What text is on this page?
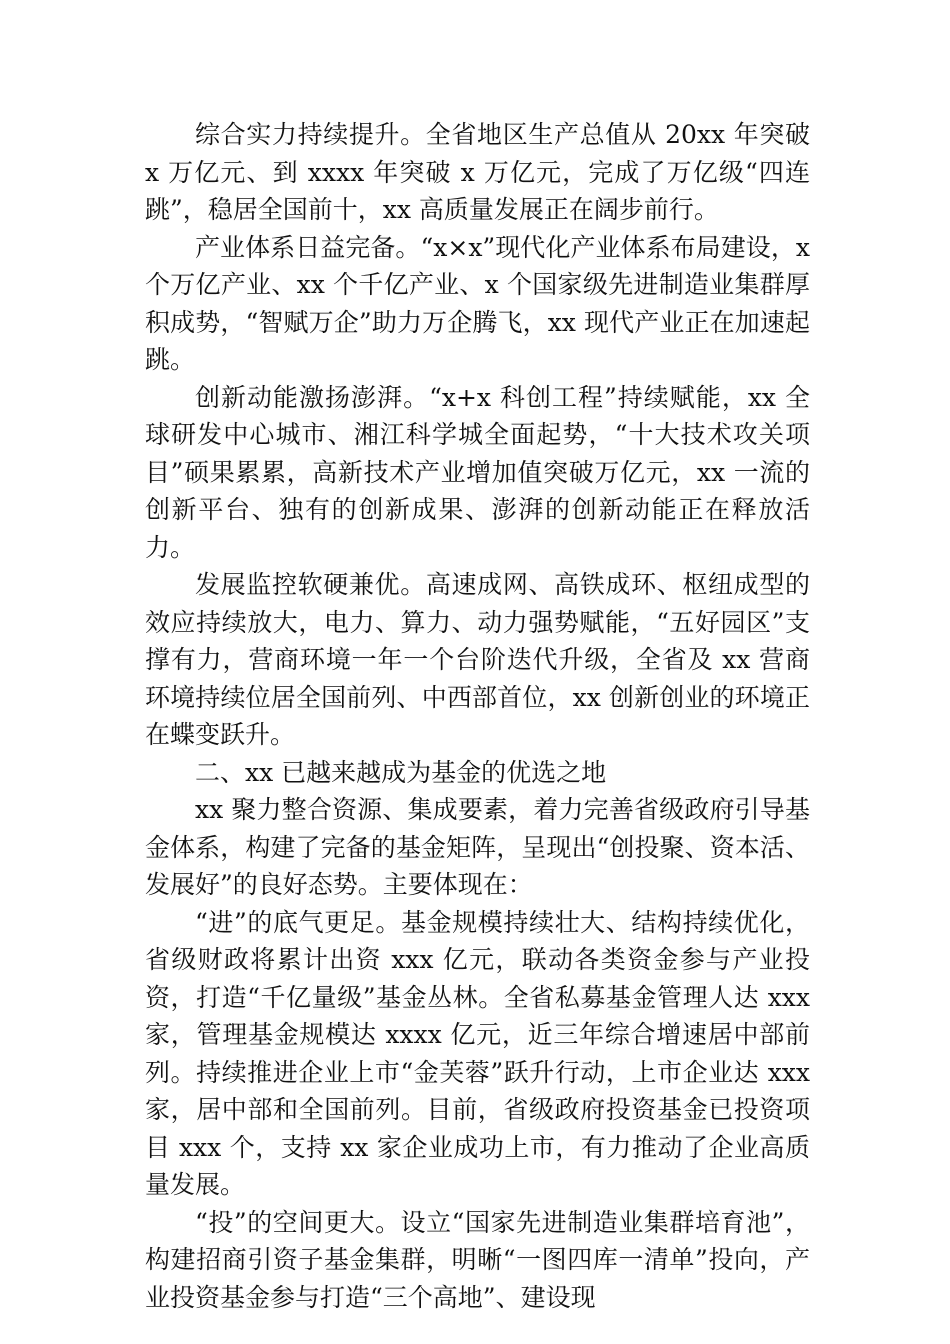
综合实力持续提升。全省地区生产总值从 20xx 年突破 x 万亿元、到 xxxx 年突破 x 万亿元，完成了万亿级“四连跳”，稳居全国前十，xx 高质量发展正在阔步前行。

产业体系日益完备。“x×x”现代化产业体系布局建设，x 个万亿产业、xx 个千亿产业、x 个国家级先进制造业集群厚积成势，“智赋万企”助力万企腾飞，xx 现代产业正在加速起跳。

创新动能激扬澎湃。“x+x 科创工程”持续赋能，xx 全球研发中心城市、湘江科学城全面起势，“十大技术攻关项目”硕果累累，高新技术产业增加值突破万亿元，xx 一流的创新平台、独有的创新成果、澎湃的创新动能正在释放活力。

发展监控软硬兼优。高速成网、高铁成环、枢纽成型的效应持续放大，电力、算力、动力强势赋能，“五好园区”支撑有力，营商环境一年一个台阶迭代升级，全省及 xx 营商环境持续位居全国前列、中西部首位，xx 创新创业的环境正在蝶变跃升。

二、xx 已越来越成为基金的优选之地

xx 聚力整合资源、集成要素，着力完善省级政府引导基金体系，构建了完备的基金矩阵，呈现出“创投聚、资本活、发展好”的良好态势。主要体现在：

“进”的底气更足。基金规模持续壮大、结构持续优化，省级财政将累计出资 xxx 亿元，联动各类资金参与产业投资，打造“千亿量级”基金丛林。全省私募基金管理人达 xxx 家，管理基金规模达 xxxx 亿元，近三年综合增速居中部前列。持续推进企业上市“金芙蓉”跃升行动，上市企业达 xxx 家，居中部和全国前列。目前，省级政府投资基金已投资项目 xxx 个，支持 xx 家企业成功上市，有力推动了企业高质量发展。

“投”的空间更大。设立“国家先进制造业集群培育池”，构建招商引资子基金集群，明晰“一图四库一清单”投向，产业投资基金参与打造“三个高地”、建设现
